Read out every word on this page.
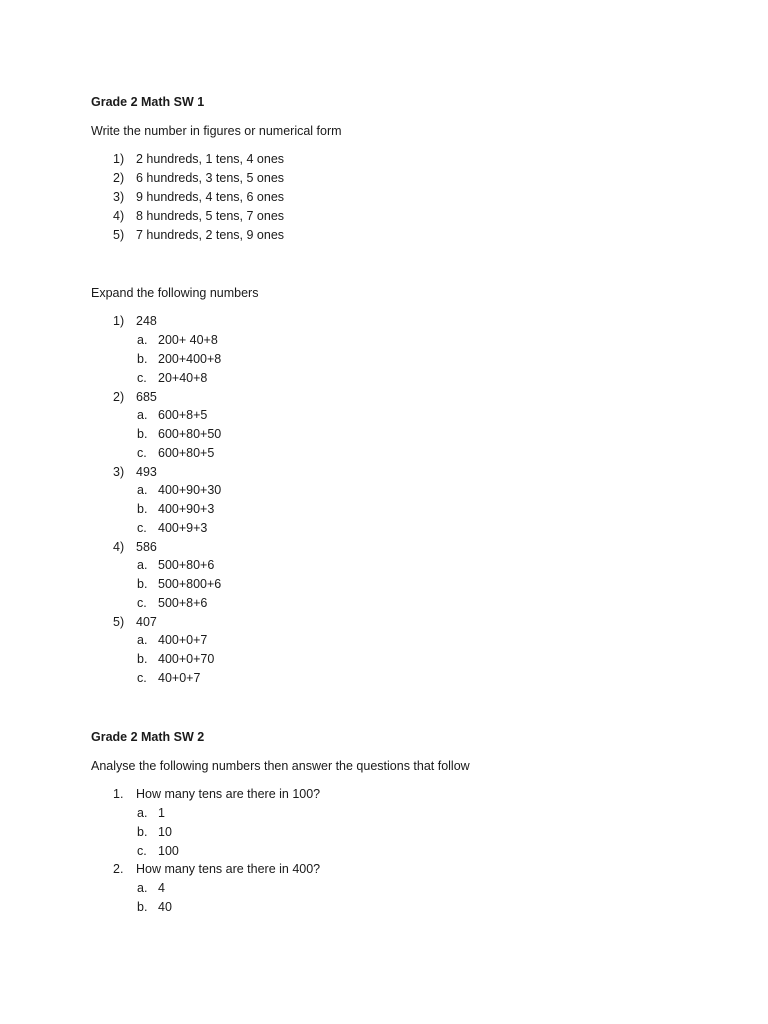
Grade 2 Math SW 1

Write the number in figures or numerical form

1) 2 hundreds, 1 tens, 4 ones
2) 6 hundreds, 3 tens, 5 ones
3) 9 hundreds, 4 tens, 6 ones
4) 8 hundreds, 5 tens, 7 ones
5) 7 hundreds, 2 tens, 9 ones

Expand the following numbers

1) 248
a. 200+ 40+8
b. 200+400+8
c. 20+40+8
2) 685
a. 600+8+5
b. 600+80+50
c. 600+80+5
3) 493
a. 400+90+30
b. 400+90+3
c. 400+9+3
4) 586
a. 500+80+6
b. 500+800+6
c. 500+8+6
5) 407
a. 400+0+7
b. 400+0+70
c. 40+0+7
Grade 2 Math SW 2

Analyse the following numbers then answer the questions that follow

1. How many tens are there in 100?
a. 1
b. 10
c. 100
2. How many tens are there in 400?
a. 4
b. 40
